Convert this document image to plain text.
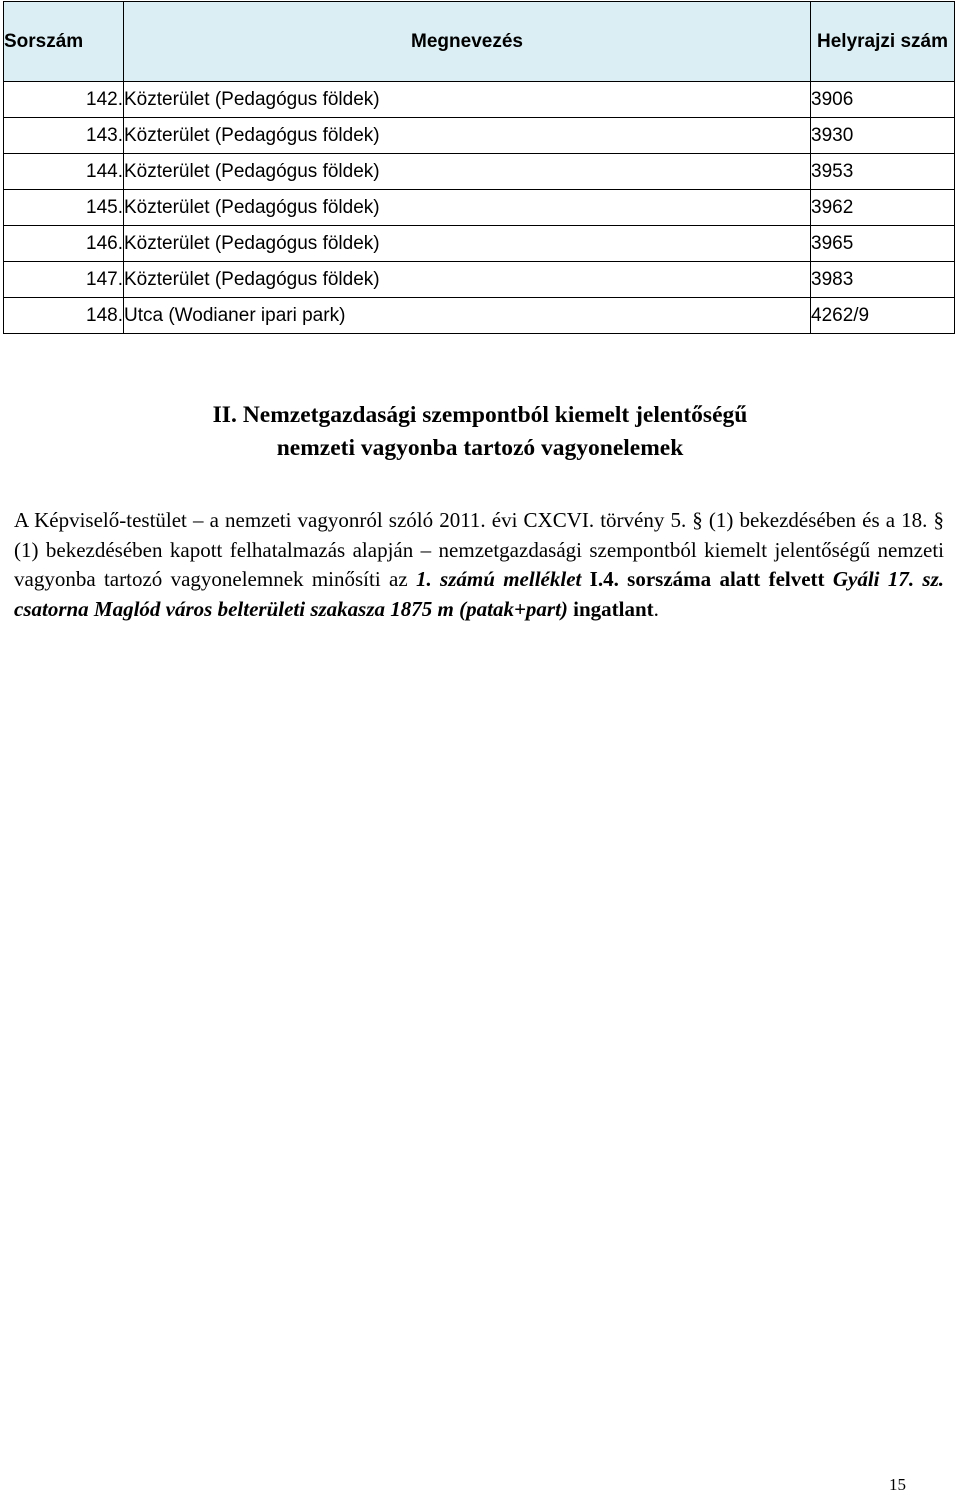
Sorszám	Megnevezés	Helyrajzi szám
142.	Közterület (Pedagógus földek)	3906
143.	Közterület (Pedagógus földek)	3930
144.	Közterület (Pedagógus földek)	3953
145.	Közterület (Pedagógus földek)	3962
146.	Közterület (Pedagógus földek)	3965
147.	Közterület (Pedagógus földek)	3983
148.	Utca (Wodianer ipari park)	4262/9
II. Nemzetgazdasági szempontból kiemelt jelentőségű
nemzeti vagyonba tartozó vagyonelemek

A Képviselő-testület – a nemzeti vagyonról szóló 2011. évi CXCVI. törvény 5. § (1) bekezdésében és a 18. § (1) bekezdésében kapott felhatalmazás alapján – nemzetgazdasági szempontból kiemelt jelentőségű nemzeti vagyonba tartozó vagyonelemnek minősíti az 1. számú melléklet I.4. sorszáma alatt felvett Gyáli 17. sz. csatorna Maglód város belterületi szakasza 1875 m (patak+part) ingatlant.

15
